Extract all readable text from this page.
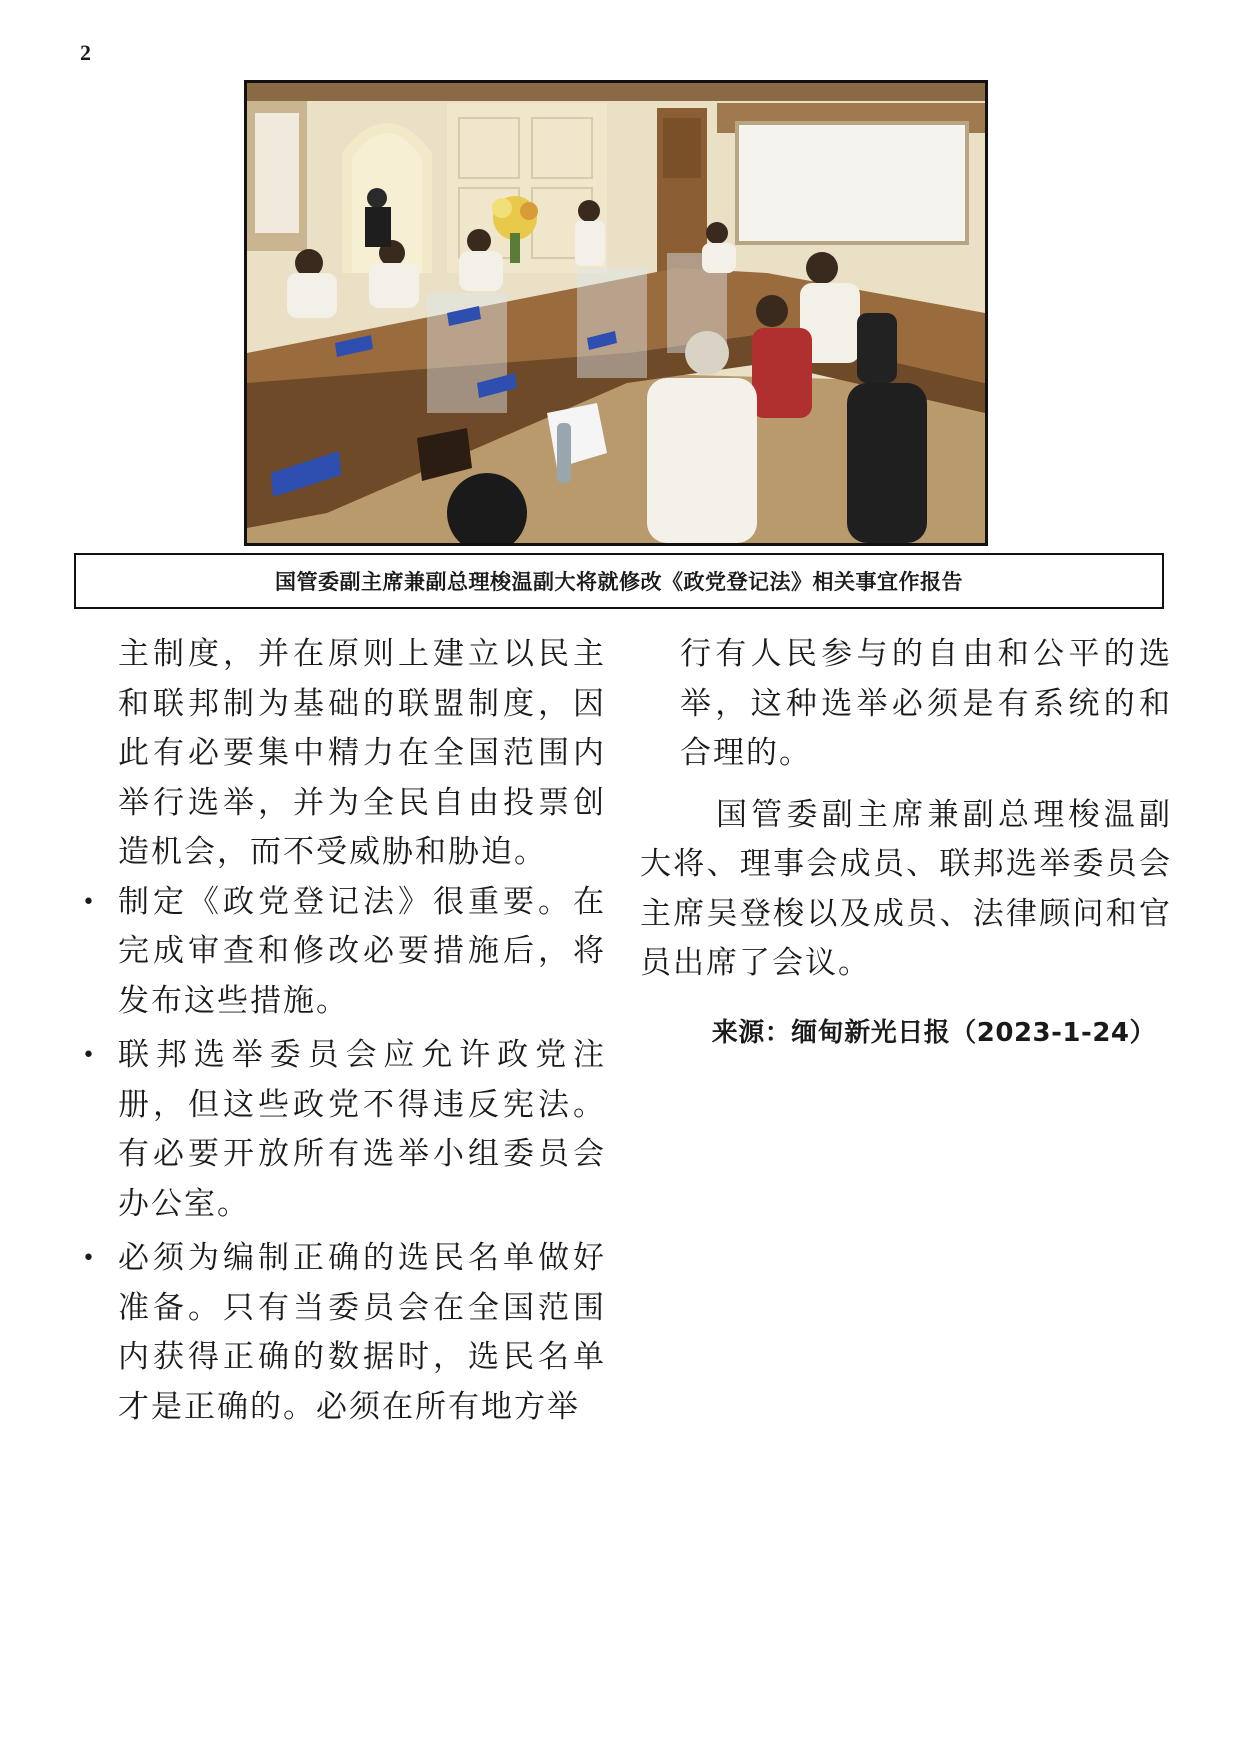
2
国管委副主席兼副总理梭温副大将就修改《政党登记法》相关事宜作报告

主制度，并在原则上建立以民主和联邦制为基础的联盟制度，因此有必要集中精力在全国范围内举行选举，并为全民自由投票创造机会，而不受威胁和胁迫。

• 制定《政党登记法》很重要。在完成审查和修改必要措施后，将发布这些措施。
• 联邦选举委员会应允许政党注册，但这些政党不得违反宪法。有必要开放所有选举小组委员会办公室。
• 必须为编制正确的选民名单做好准备。只有当委员会在全国范围内获得正确的数据时，选民名单才是正确的。必须在所有地方举

行有人民参与的自由和公平的选举，这种选举必须是有系统的和合理的。

国管委副主席兼副总理梭温副大将、理事会成员、联邦选举委员会主席吴登梭以及成员、法律顾问和官员出席了会议。

来源：缅甸新光日报（2023-1-24）
